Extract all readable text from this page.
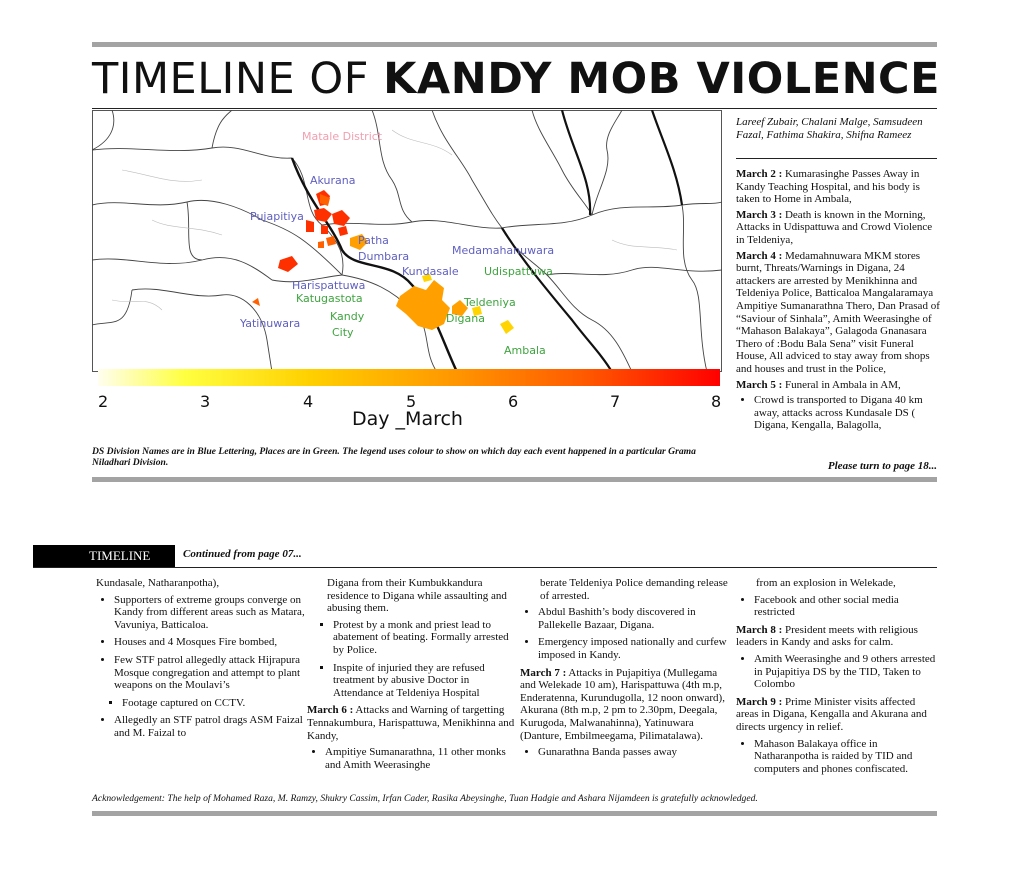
TIMELINE OF KANDY MOB VIOLENCE
Matale District
Akurana
Pujapitiya
Patha
Dumbara	Medamahanuwara
Kundasale
Harispattuwa
Yatinuwara
Udispattuwa
Teldeniya
Katugastota
Kandy
City
Digana
Ambala
2	3	4	5	6	7	8
Day _March
DS Division Names are in Blue Lettering, Places are in Green. The legend uses colour to show on which day each event happened in a particular Grama Niladhari Division.
Lareef Zubair, Chalani Malge, Samsudeen Fazal, Fathima Shakira, Shifna Rameez

March 2 : Kumarasinghe Passes Away in Kandy Teaching Hospital, and his body is taken to Home in Ambala,

March 3 : Death is known in the Morning, Attacks in Udispattuwa and Crowd Violence in Teldeniya,

March 4 : Medamahnuwara MKM stores burnt, Threats/Warnings in Digana, 24 attackers are arrested by Menikhinna and Teldeniya Police, Batticaloa Mangalaramaya Ampitiye Sumanarathna Thero, Dan Prasad of “Saviour of Sinhala”, Amith Weerasinghe of “Mahason Balakaya”, Galagoda Gnanasara Thero of :Bodu Bala Sena” visit Funeral House, All adviced to stay away from shops and houses and trust in the Police,

March 5 : Funeral in Ambala in AM,

• Crowd is transported to Digana 40 km away, attacks across Kundasale DS ( Digana, Kengalla, Balagolla,
Please turn to page 18...
TIMELINE	Continued from page 07...

Kundasale, Natharanpotha),

• Supporters of extreme groups converge on Kandy from different areas such as Matara, Vavuniya, Batticaloa.
• Houses and 4 Mosques Fire bombed,
• Few STF patrol allegedly attack Hijrapura Mosque congregation and attempt to plant weapons on the Moulavi’s
▪ Footage captured on CCTV.
• Allegedly an STF patrol drags ASM Faizal and M. Faizal to

Digana from their Kumbukkandura residence to Digana while assaulting and abusing them.

▪ Protest by a monk and priest lead to abatement of beating. Formally arrested by Police.
▪ Inspite of injuried they are refused treatment by abusive Doctor in Attendance at Teldeniya Hospital

March 6 : Attacks and Warning of targetting Tennakumbura, Harispattuwa, Menikhinna and Kandy,

• Ampitiye Sumanarathna, 11 other monks and Amith Weerasinghe

berate Teldeniya Police demanding release of arrested.

• Abdul Bashith’s body discovered in Pallekelle Bazaar, Digana.
• Emergency imposed nationally and curfew imposed in Kandy.

March 7 : Attacks in Pujapitiya (Mullegama and Welekade 10 am), Harispattuwa (4th m.p, Enderatenna, Kurundugolla, 12 noon onward), Akurana (8th m.p, 2 pm to 2.30pm, Deegala, Kurugoda, Malwanahinna), Yatinuwara (Danture, Embilmeegama, Pilimatalawa).

• Gunarathna Banda passes away

from an explosion in Welekade,

• Facebook and other social media restricted

March 8 : President meets with religious leaders in Kandy and asks for calm.

• Amith Weerasinghe and 9 others arrested in Pujapitiya DS by the TID, Taken to Colombo

March 9 : Prime Minister visits affected areas in Digana, Kengalla and Akurana and directs urgency in relief.

• Mahason Balakaya office in Natharanpotha is raided by TID and computers and phones confiscated.
Acknowledgement: The help of Mohamed Raza, M. Ramzy, Shukry Cassim, Irfan Cader, Rasika Abeysinghe, Tuan Hadgie and Ashara Nijamdeen is gratefully acknowledged.
